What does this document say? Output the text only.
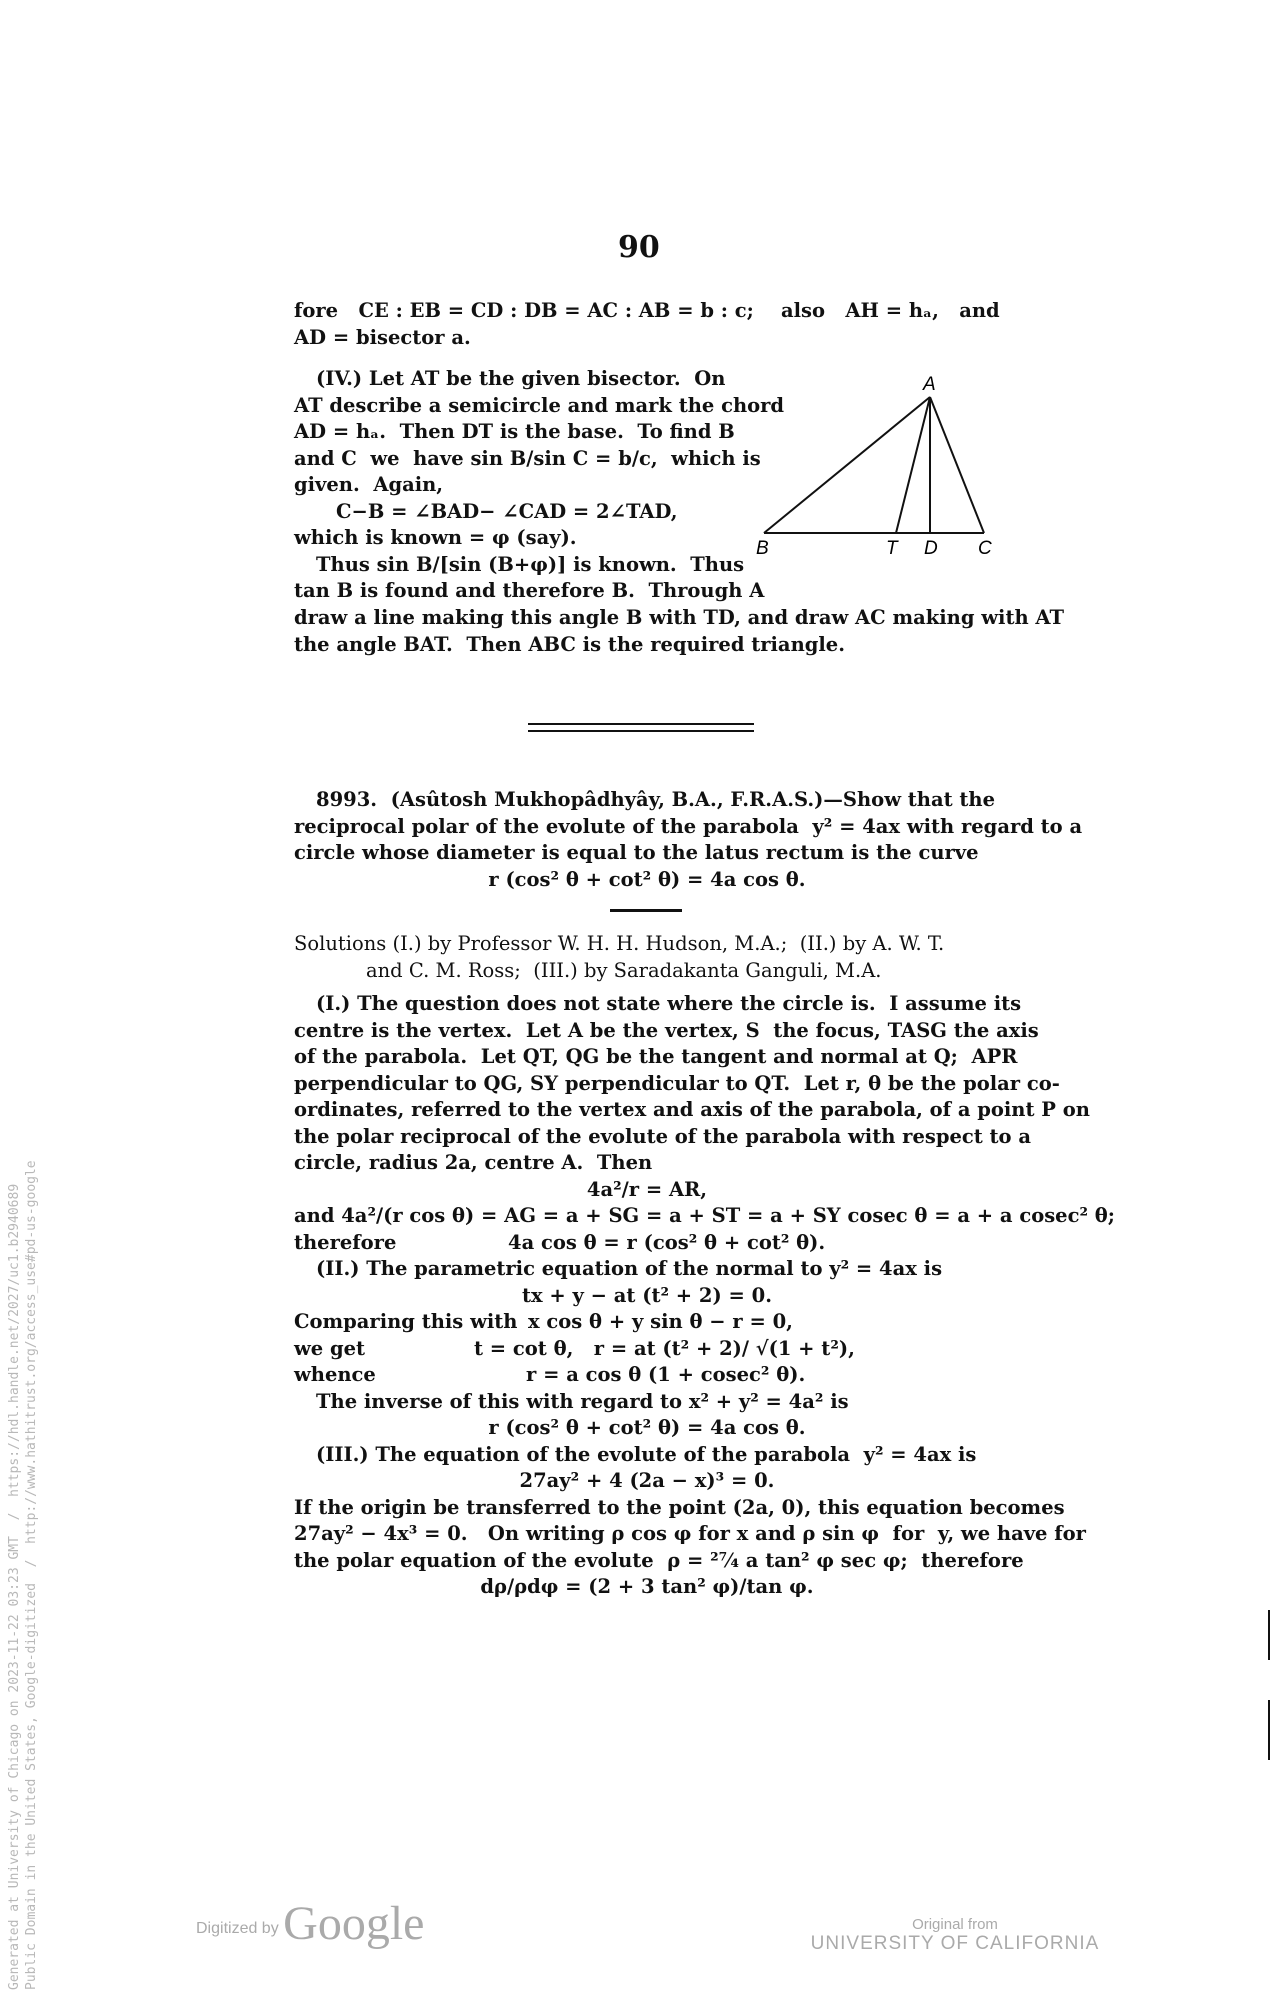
90
fore   CE : EB = CD : DB = AC : AB = b : c;    also   AH = hₐ,   and
AD = bisector a.
(IV.) Let AT be the given bisector.  On
AT describe a semicircle and mark the chord
AD = hₐ.  Then DT is the base.  To find B
and C  we  have sin B/sin C = b/c,  which is
given.  Again,
C−B = ∠BAD− ∠CAD = 2∠TAD,
which is known = φ (say).
Thus sin B/[sin (B+φ)] is known.  Thus
tan B is found and therefore B.  Through A
draw a line making this angle B with TD, and draw AC making with AT
the angle BAT.  Then ABC is the required triangle.
A
B	T D C
8993. (Asûtosh Mukhopâdhyây, B.A., F.R.A.S.)—Show that the
reciprocal polar of the evolute of the parabola  y² = 4ax with regard to a
circle whose diameter is equal to the latus rectum is the curve
r (cos² θ + cot² θ) = 4a cos θ.
Solutions (I.) by Professor W. H. H. Hudson, M.A.;  (II.) by A. W. T.
and C. M. Ross;  (III.) by Saradakanta Ganguli, M.A.
(I.) The question does not state where the circle is.  I assume its
centre is the vertex.  Let A be the vertex, S  the focus, TASG the axis
of the parabola.  Let QT, QG be the tangent and normal at Q;  APR
perpendicular to QG, SY perpendicular to QT.  Let r, θ be the polar co-
ordinates, referred to the vertex and axis of the parabola, of a point P on
the polar reciprocal of the evolute of the parabola with respect to a
circle, radius 2a, centre A.  Then
4a²/r = AR,
and 4a²/(r cos θ) = AG = a + SG = a + ST = a + SY cosec θ = a + a cosec² θ;
therefore	4a cos θ = r (cos² θ + cot² θ).
(II.) The parametric equation of the normal to y² = 4ax is
tx + y − at (t² + 2) = 0.
Comparing this with x cos θ + y sin θ − r = 0,
we get	t = cot θ,   r = at (t² + 2)/ √(1 + t²),
whence	r = a cos θ (1 + cosec² θ).
The inverse of this with regard to x² + y² = 4a² is
r (cos² θ + cot² θ) = 4a cos θ.
(III.) The equation of the evolute of the parabola  y² = 4ax is
27ay² + 4 (2a − x)³ = 0.
If the origin be transferred to the point (2a, 0), this equation becomes
27ay² − 4x³ = 0.   On writing ρ cos φ for x and ρ sin φ  for  y, we have for
the polar equation of the evolute  ρ = ²⁷⁄₄ a tan² φ sec φ;  therefore
dρ/ρdφ = (2 + 3 tan² φ)/tan φ.
Generated at University of Chicago on 2023-11-22 03:23 GMT  /  https://hdl.handle.net/2027/uc1.b2940689 Public Domain in the United States, Google-digitized  /  http://www.hathitrust.org/access_use#pd-us-google	Digitized by Google	Original from
UNIVERSITY OF CALIFORNIA
